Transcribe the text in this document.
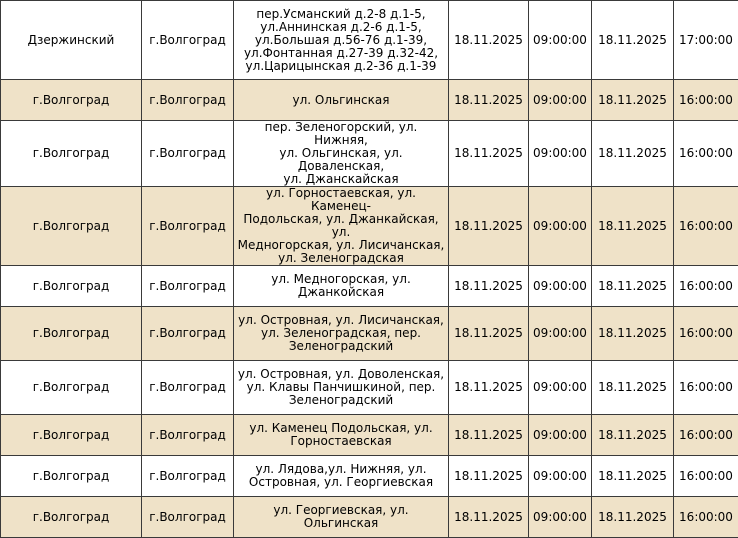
Дзержинский	г.Волгоград	пер.Усманский д.2-8 д.1-5,
ул.Аннинская д.2-6 д.1-5,
ул.Большая д.56-76 д.1-39,
ул.Фонтанная д.27-39 д.32-42,
ул.Царицынская д.2-36 д.1-39	18.11.2025	09:00:00	18.11.2025	17:00:00
г.Волгоград	г.Волгоград	ул. Ольгинская	18.11.2025	09:00:00	18.11.2025	16:00:00
г.Волгоград	г.Волгоград	пер. Зеленогорский, ул. Нижняя,
ул. Ольгинская, ул. Доваленская,
ул. Джанскайская	18.11.2025	09:00:00	18.11.2025	16:00:00
г.Волгоград	г.Волгоград	ул. Горностаевская, ул. Каменец-
Подольская, ул. Джанкайская, ул.
Медногорская, ул. Лисичанская,
ул. Зеленоградская	18.11.2025	09:00:00	18.11.2025	16:00:00
г.Волгоград	г.Волгоград	ул. Медногорская, ул.
Джанкойская	18.11.2025	09:00:00	18.11.2025	16:00:00
г.Волгоград	г.Волгоград	ул. Островная, ул. Лисичанская,
ул. Зеленоградская, пер.
Зеленоградский	18.11.2025	09:00:00	18.11.2025	16:00:00
г.Волгоград	г.Волгоград	ул. Островная, ул. Доволенская,
ул. Клавы Панчишкиной, пер.
Зеленоградский	18.11.2025	09:00:00	18.11.2025	16:00:00
г.Волгоград	г.Волгоград	ул. Каменец Подольская, ул.
Горностаевская	18.11.2025	09:00:00	18.11.2025	16:00:00
г.Волгоград	г.Волгоград	ул. Лядова,ул. Нижняя, ул.
Островная, ул. Георгиевская	18.11.2025	09:00:00	18.11.2025	16:00:00
г.Волгоград	г.Волгоград	ул. Георгиевская, ул. Ольгинская	18.11.2025	09:00:00	18.11.2025	16:00:00
